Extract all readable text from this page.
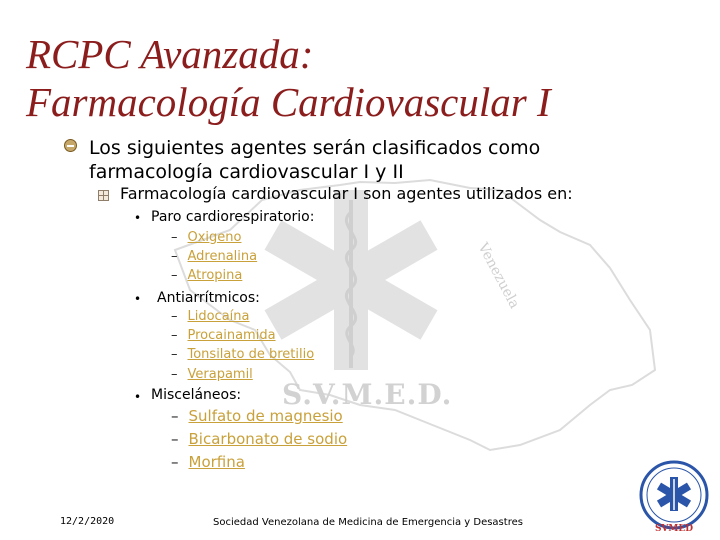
Venezuela
S.V.M.E.D.
RCPC Avanzada:
Farmacología Cardiovascular I
Los siguientes agentes serán clasificados como farmacología cardiovascular I y II
Farmacología cardiovascular I son agentes utilizados en:
• Paro cardiorespiratorio:
– Oxigeno
– Adrenalina
– Atropina
• Antiarrítmicos:
– Lidocaína
– Procainamida
– Tonsilato de bretilio
– Verapamil
• Misceláneos:
– Sulfato de magnesio
– Bicarbonato de sodio
– Morfina
SVMED
12/2/2020	Sociedad Venezolana de Medicina de Emergencia y Desastres
